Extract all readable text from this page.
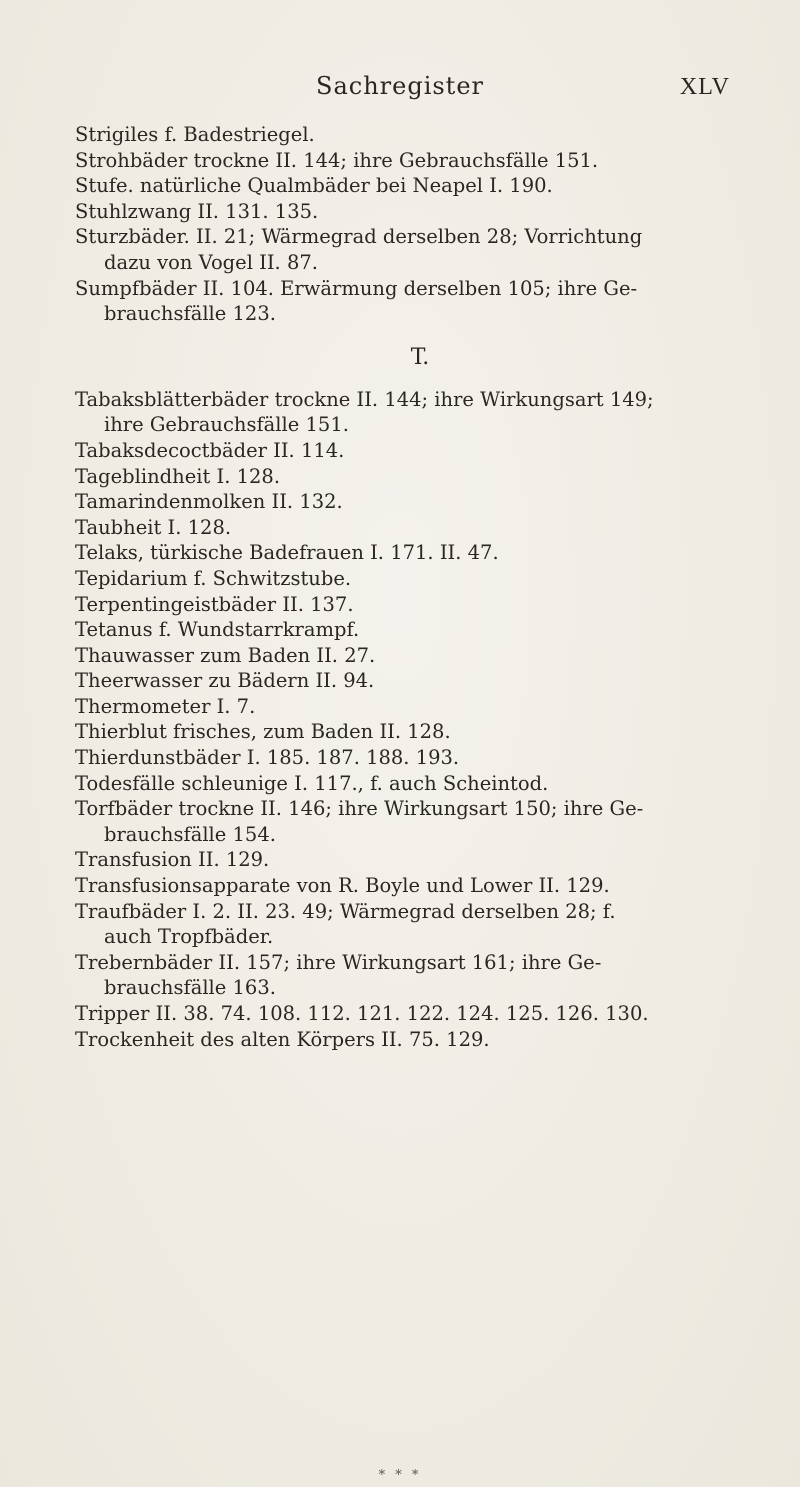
Sachregister	XLV

Strigiles f. Badestriegel.

Strohbäder trockne II. 144; ihre Gebrauchsfälle 151.

Stufe. natürliche Qualmbäder bei Neapel I. 190.

Stuhlzwang II. 131. 135.

Sturzbäder. II. 21; Wärmegrad derselben 28; Vorrichtung
dazu von Vogel II. 87.

Sumpfbäder II. 104. Erwärmung derselben 105; ihre Ge-
brauchsfälle 123.

T.

Tabaksblätterbäder trockne II. 144; ihre Wirkungsart 149;
ihre Gebrauchsfälle 151.

Tabaksdecoctbäder II. 114.

Tageblindheit I. 128.

Tamarindenmolken II. 132.

Taubheit I. 128.

Telaks, türkische Badefrauen I. 171. II. 47.

Tepidarium f. Schwitzstube.

Terpentingeistbäder II. 137.

Tetanus f. Wundstarrkrampf.

Thauwasser zum Baden II. 27.

Theerwasser zu Bädern II. 94.

Thermometer I. 7.

Thierblut frisches, zum Baden II. 128.

Thierdunstbäder I. 185. 187. 188. 193.

Todesfälle schleunige I. 117., f. auch Scheintod.

Torfbäder trockne II. 146; ihre Wirkungsart 150; ihre Ge-
brauchsfälle 154.

Transfusion II. 129.

Transfusionsapparate von R. Boyle und Lower II. 129.

Traufbäder I. 2. II. 23. 49; Wärmegrad derselben 28; f.
auch Tropfbäder.

Trebernbäder II. 157; ihre Wirkungsart 161; ihre Ge-
brauchsfälle 163.

Tripper II. 38. 74. 108. 112. 121. 122. 124. 125. 126. 130.

Trockenheit des alten Körpers II. 75. 129.

* * *
